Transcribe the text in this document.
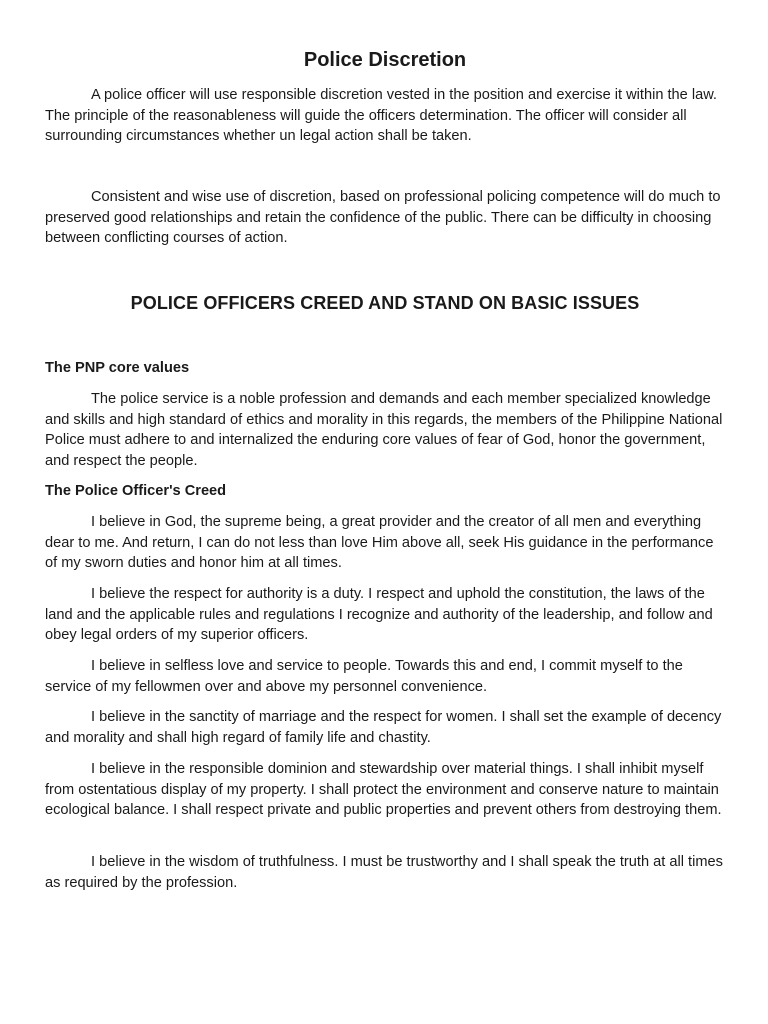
Police Discretion

A police officer will use responsible discretion vested in the position and exercise it within the law. The principle of the reasonableness will guide the officers determination. The officer will consider all surrounding circumstances whether un legal action shall be taken.

Consistent and wise use of discretion, based on professional policing competence will do much to preserved good relationships and retain the confidence of the public. There can be difficulty in choosing between conflicting courses of action.

POLICE OFFICERS CREED AND STAND ON BASIC ISSUES
The PNP core values

The police service is a noble profession and demands and each member specialized knowledge and skills and high standard of ethics and morality in this regards, the members of the Philippine National Police must adhere to and internalized the enduring core values of fear of God, honor the government, and respect the people.

The Police Officer's Creed

I believe in God, the supreme being, a great provider and the creator of all men and everything dear to me. And return, I can do not less than love Him above all, seek His guidance in the performance of my sworn duties and honor him at all times.

I believe the respect for authority is a duty. I respect and uphold the constitution, the laws of the land and the applicable rules and regulations I recognize and authority of the leadership, and follow and obey legal orders of my superior officers.

I believe in selfless love and service to people. Towards this and end, I commit myself to the service of my fellowmen over and above my personnel convenience.

I believe in the sanctity of marriage and the respect for women. I shall set the example of decency and morality and shall high regard of family life and chastity.

I believe in the responsible dominion and stewardship over material things. I shall inhibit myself from ostentatious display of my property. I shall protect the environment and conserve nature to maintain ecological balance. I shall respect private and public properties and prevent others from destroying them.

I believe in the wisdom of truthfulness. I must be trustworthy and I shall speak the truth at all times as required by the profession.
